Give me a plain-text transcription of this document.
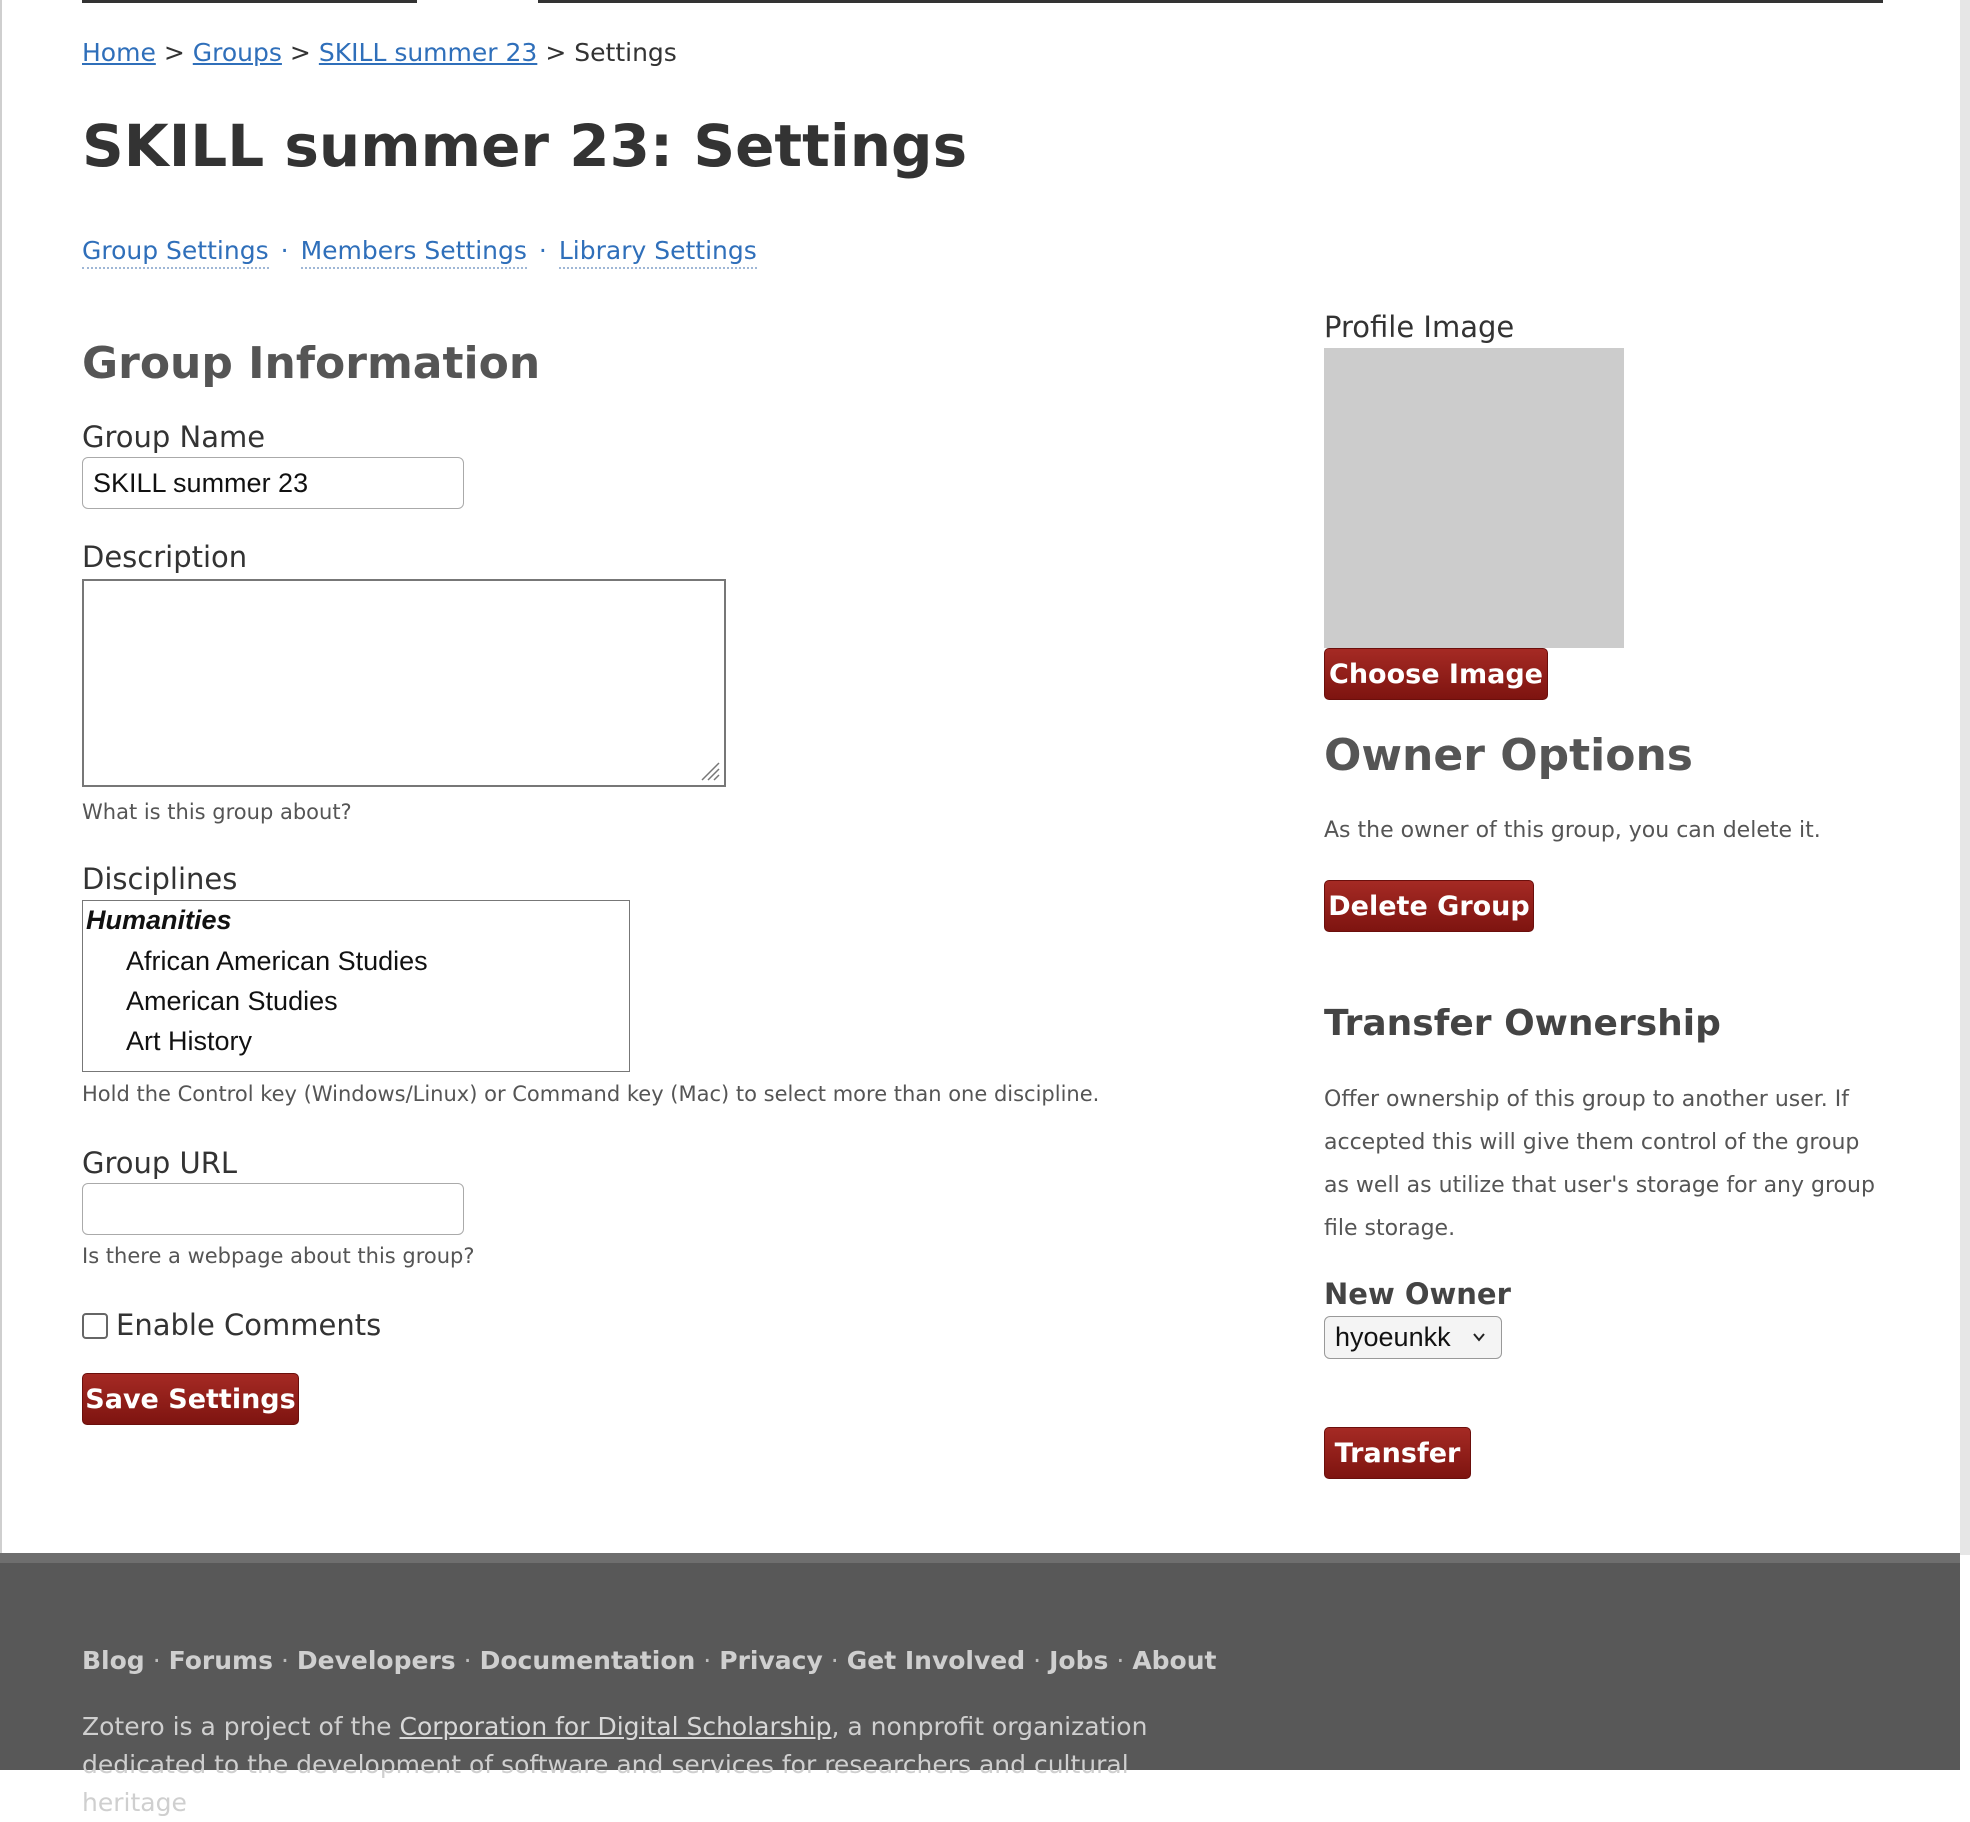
Home > Groups > SKILL summer 23 > Settings
SKILL summer 23: Settings
Group Settings · Members Settings · Library Settings
Group Information
Group Name
SKILL summer 23
Description
What is this group about?
Disciplines
Humanities
African American Studies
American Studies
Art History
Hold the Control key (Windows/Linux) or Command key (Mac) to select more than one discipline.
Group URL
Is there a webpage about this group?
Enable Comments
Save Settings
Profile Image
Choose Image
Owner Options
As the owner of this group, you can delete it.
Delete Group
Transfer Ownership
Offer ownership of this group to another user. If accepted this will give them control of the group as well as utilize that user's storage for any group file storage.
New Owner
hyoeunkk
Transfer
Blog · Forums · Developers · Documentation · Privacy · Get Involved · Jobs · About
Zotero is a project of the Corporation for Digital Scholarship, a nonprofit organization dedicated to the development of software and services for researchers and cultural heritage
